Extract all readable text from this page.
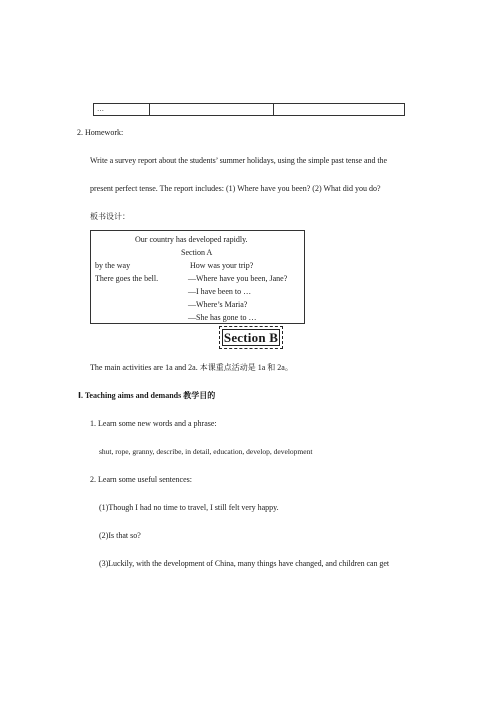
…
2. Homework:
Write a survey report about the students’ summer holidays, using the simple past tense and the
present perfect tense. The report includes: (1) Where have you been? (2) What did you do?
板书设计：
Our country has developed rapidly.
Section A
by the way
There goes the bell.
How was your trip?
—Where have you been, Jane?
—I have been to …
—Where’s Maria?
—She has gone to …
Section B
The main activities are 1a and 2a. 本课重点活动是 1a 和 2a。
Ⅰ. Teaching aims and demands 教学目的
1. Learn some new words and a phrase:
shut, rope, granny, describe, in detail, education, develop, development
2. Learn some useful sentences:
(1)Though I had no time to travel, I still felt very happy.
(2)Is that so?
(3)Luckily, with the development of China, many things have changed, and children can get
